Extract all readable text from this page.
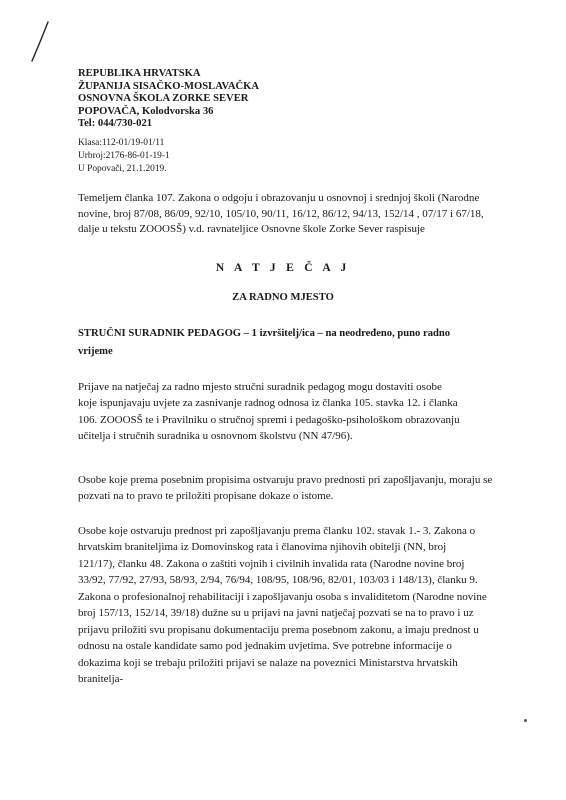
REPUBLIKA HRVATSKA
ŽUPANIJA SISAČKO-MOSLAVAČKA
OSNOVNA ŠKOLA ZORKE SEVER
POPOVAČA, Kolodvorska 36
Tel: 044/730-021
Klasa:112-01/19-01/11
Urbroj:2176-86-01-19-1
U Popovači, 21.1.2019.
Temeljem članka 107. Zakona o odgoju i obrazovanju u osnovnoj i srednjoj školi (Narodne
novine, broj 87/08, 86/09, 92/10, 105/10, 90/11, 16/12, 86/12, 94/13, 152/14 , 07/17 i 67/18,
dalje u tekstu ZOOOSŠ) v.d. ravnateljice Osnovne škole Zorke Sever raspisuje
N A T J E Č A J
ZA RADNO MJESTO
STRUČNI SURADNIK PEDAGOG – 1 izvršitelj/ica – na neodređeno, puno radno
vrijeme
Prijave na natječaj za radno mjesto stručni suradnik pedagog mogu dostaviti osobe
koje ispunjavaju uvjete za zasnivanje radnog odnosa iz članka 105. stavka 12. i članka
106. ZOOOSŠ te i Pravilniku o stručnoj spremi i pedagoško-psihološkom obrazovanju
učitelja i stručnih suradnika u osnovnom školstvu (NN 47/96).
Osobe koje prema posebnim propisima ostvaruju pravo prednosti pri zapošljavanju, moraju se
pozvati na to pravo te priložiti propisane dokaze o istome.
Osobe koje ostvaruju prednost pri zapošljavanju prema članku 102. stavak 1.- 3. Zakona o
hrvatskim braniteljima iz Domovinskog rata i članovima njihovih obitelji (NN, broj
121/17), članku 48. Zakona o zaštiti vojnih i civilnih invalida rata (Narodne novine broj
33/92, 77/92, 27/93, 58/93, 2/94, 76/94, 108/95, 108/96, 82/01, 103/03 i 148/13), članku 9.
Zakona o profesionalnoj rehabilitaciji i zapošljavanju osoba s invaliditetom (Narodne novine
broj 157/13, 152/14, 39/18) dužne su u prijavi na javni natječaj pozvati se na to pravo i uz
prijavu priložiti svu propisanu dokumentaciju prema posebnom zakonu, a imaju prednost u
odnosu na ostale kandidate samo pod jednakim uvjetima. Sve potrebne informacije o
dokazima koji se trebaju priložiti prijavi se nalaze na poveznici Ministarstva hrvatskih
branitelja-
